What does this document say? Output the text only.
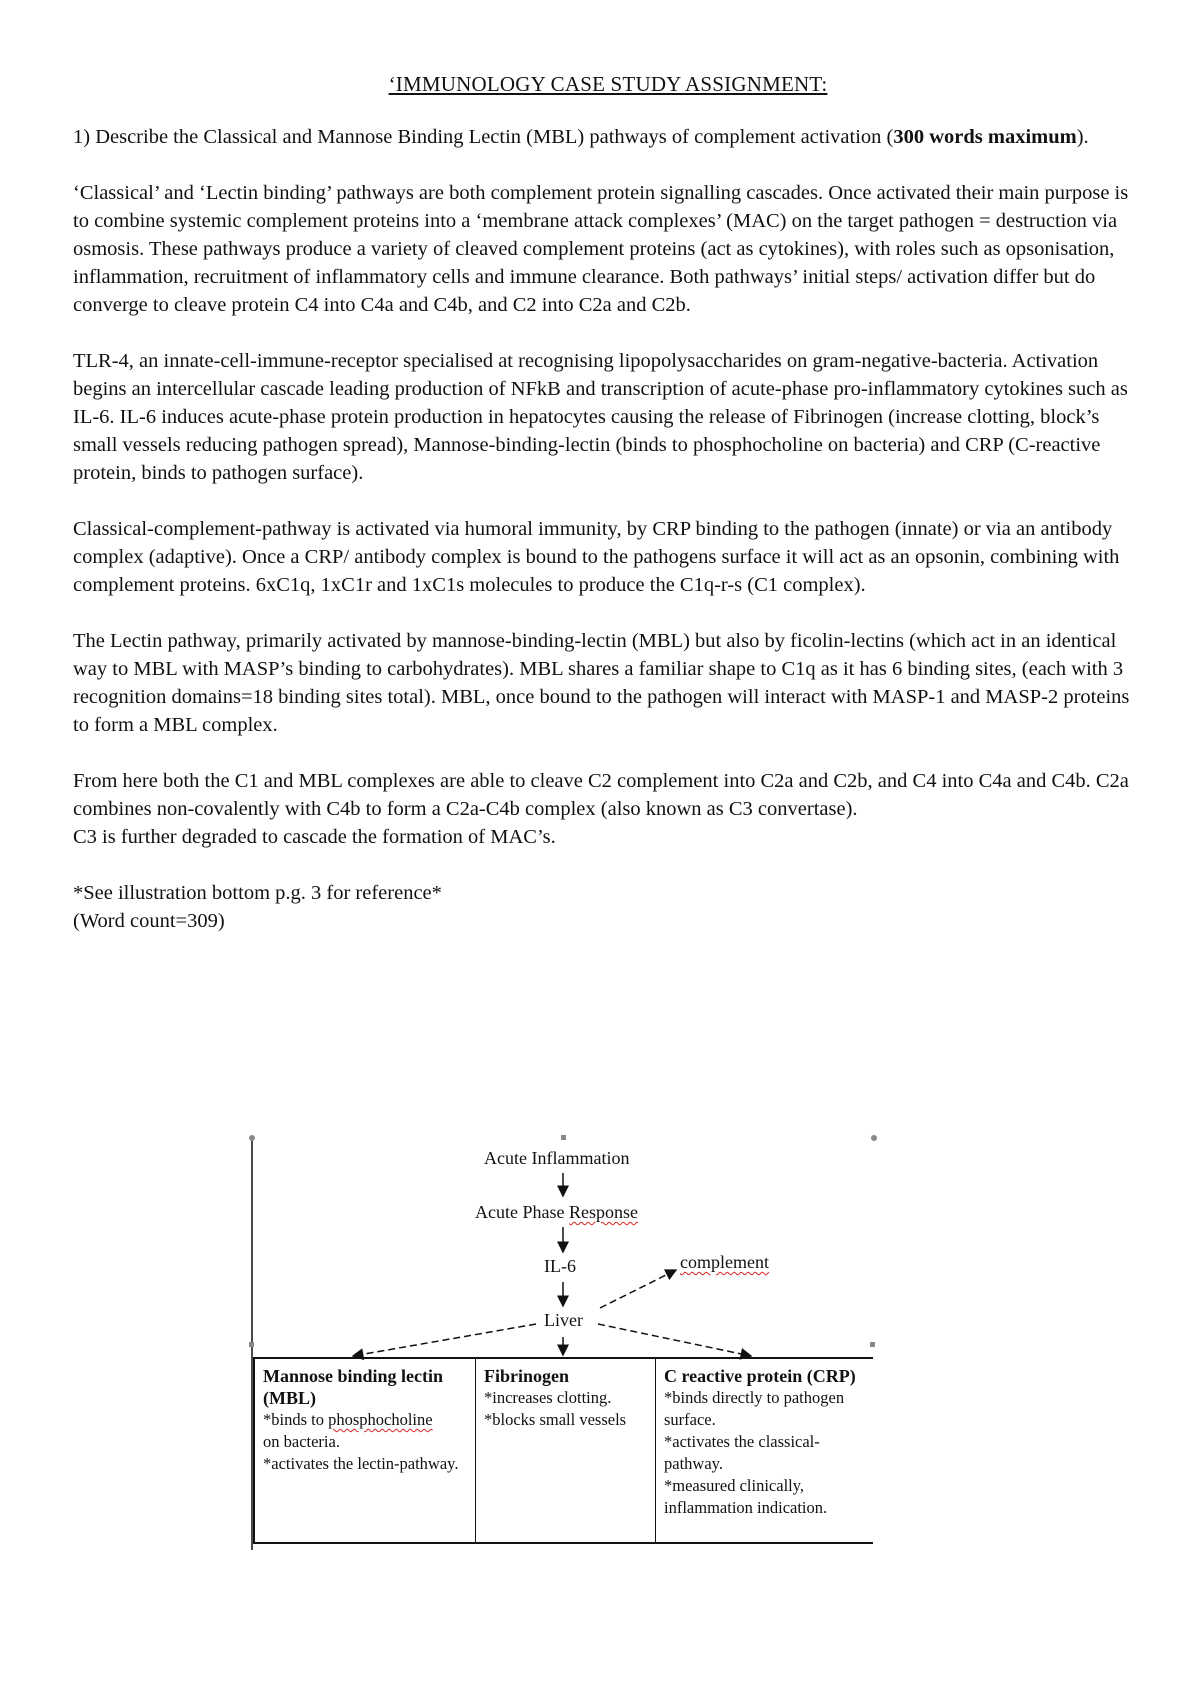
‘IMMUNOLOGY CASE STUDY ASSIGNMENT:

1) Describe the Classical and Mannose Binding Lectin (MBL) pathways of complement activation (300 words maximum).

‘Classical’ and ‘Lectin binding’ pathways are both complement protein signalling cascades. Once activated their main purpose is to combine systemic complement proteins into a ‘membrane attack complexes’ (MAC) on the target pathogen = destruction via osmosis. These pathways produce a variety of cleaved complement proteins (act as cytokines), with roles such as opsonisation, inflammation, recruitment of inflammatory cells and immune clearance. Both pathways’ initial steps/ activation differ but do converge to cleave protein C4 into C4a and C4b, and C2 into C2a and C2b.

TLR-4, an innate-cell-immune-receptor specialised at recognising lipopolysaccharides on gram-negative-bacteria. Activation begins an intercellular cascade leading production of NFkB and transcription of acute-phase pro-inflammatory cytokines such as IL-6. IL-6 induces acute-phase protein production in hepatocytes causing the release of Fibrinogen (increase clotting, block’s small vessels reducing pathogen spread), Mannose-binding-lectin (binds to phosphocholine on bacteria) and CRP (C-reactive protein, binds to pathogen surface).

Classical-complement-pathway is activated via humoral immunity, by CRP binding to the pathogen (innate) or via an antibody complex (adaptive). Once a CRP/ antibody complex is bound to the pathogens surface it will act as an opsonin, combining with complement proteins. 6xC1q, 1xC1r and 1xC1s molecules to produce the C1q-r-s (C1 complex).

The Lectin pathway, primarily activated by mannose-binding-lectin (MBL) but also by ficolin-lectins (which act in an identical way to MBL with MASP’s binding to carbohydrates). MBL shares a familiar shape to C1q as it has 6 binding sites, (each with 3 recognition domains=18 binding sites total). MBL, once bound to the pathogen will interact with MASP-1 and MASP-2 proteins to form a MBL complex.

From here both the C1 and MBL complexes are able to cleave C2 complement into C2a and C2b, and C4 into C4a and C4b. C2a combines non-covalently with C4b to form a C2a-C4b complex (also known as C3 convertase).

C3 is further degraded to cascade the formation of MAC’s.

*See illustration bottom p.g. 3 for reference*

(Word count=309)

Acute Inflammation
Acute Phase Response
IL-6	complement
Liver
Mannose binding lectin (MBL)
*binds to phosphocholine
on bacteria.
*activates the lectin-pathway.
Fibrinogen
*increases clotting.
*blocks small vessels
C reactive protein (CRP)
*binds directly to pathogen surface.
*activates the classical-pathway.
*measured clinically, inflammation indication.
